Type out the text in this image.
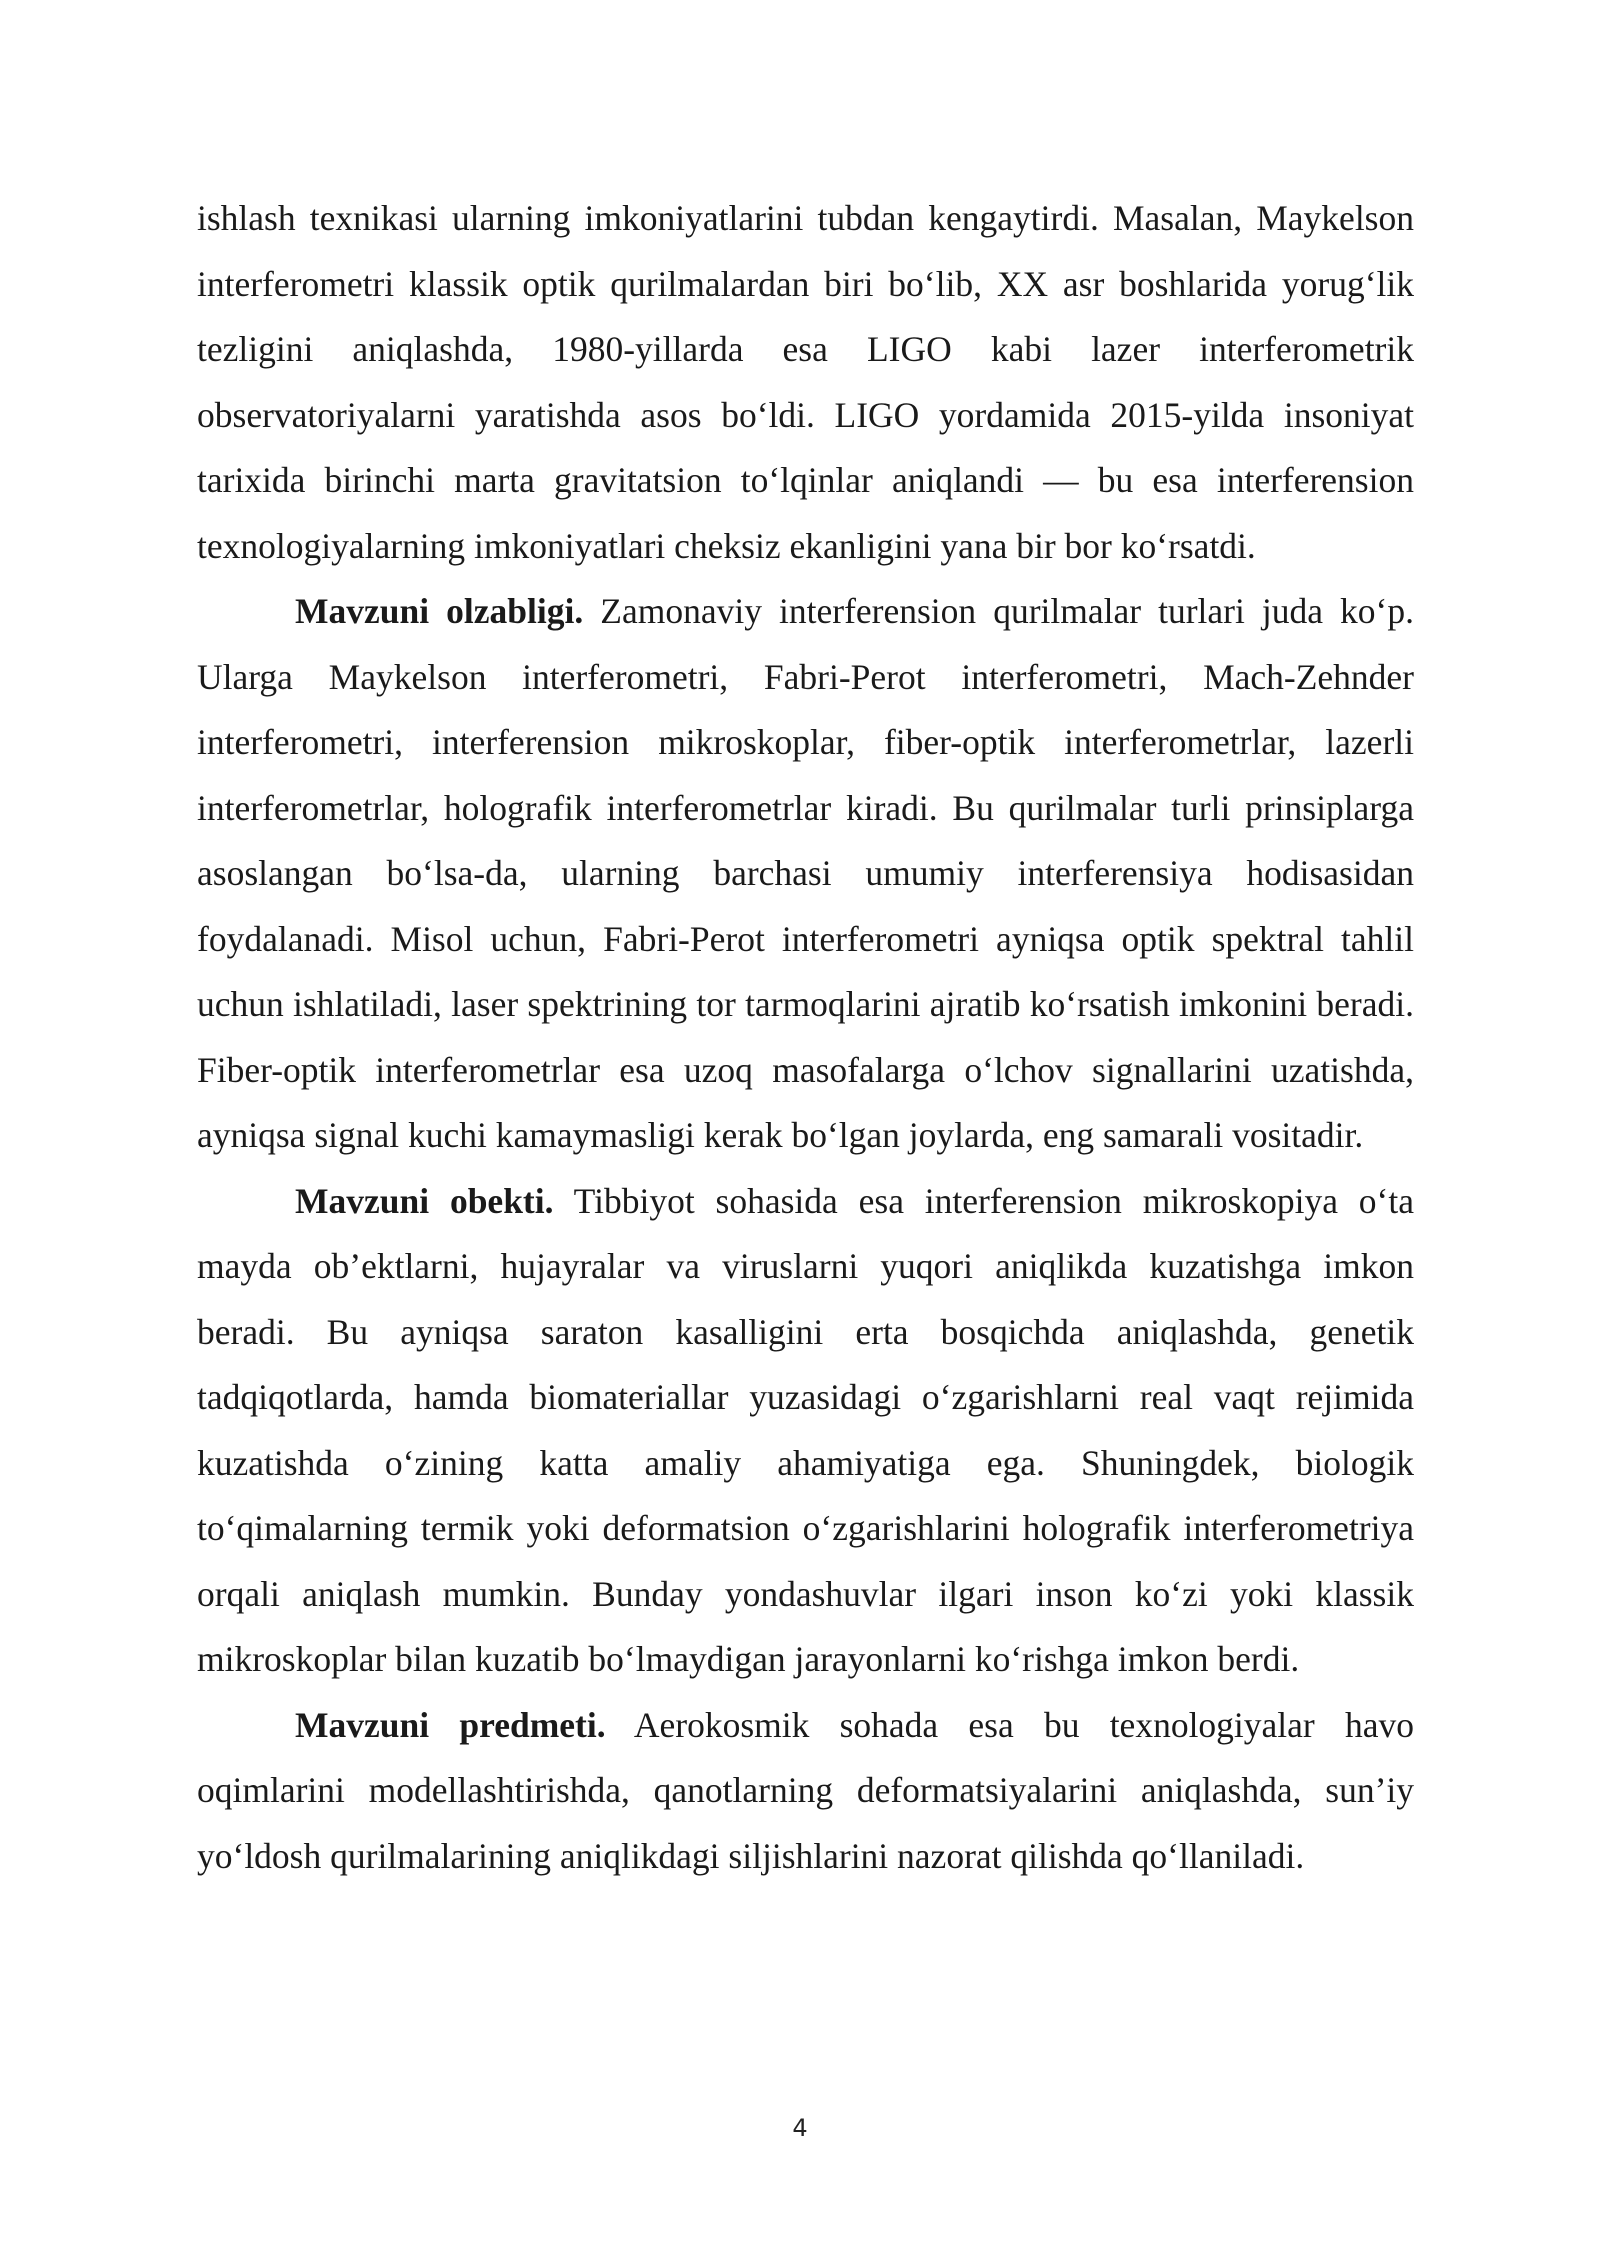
ishlash texnikasi ularning imkoniyatlarini tubdan kengaytirdi. Masalan, Maykelson interferometri klassik optik qurilmalardan biri bo‘lib, XX asr boshlarida yorug‘lik tezligini aniqlashda, 1980-yillarda esa LIGO kabi lazer interferometrik observatoriyalarni yaratishda asos bo‘ldi. LIGO yordamida 2015-yilda insoniyat tarixida birinchi marta gravitatsion to‘lqinlar aniqlandi — bu esa interferension texnologiyalarning imkoniyatlari cheksiz ekanligini yana bir bor ko‘rsatdi.

Mavzuni olzabligi. Zamonaviy interferension qurilmalar turlari juda ko‘p. Ularga Maykelson interferometri, Fabri-Perot interferometri, Mach-Zehnder interferometri, interferension mikroskoplar, fiber-optik interferometrlar, lazerli interferometrlar, holografik interferometrlar kiradi. Bu qurilmalar turli prinsiplarga asoslangan bo‘lsa-da, ularning barchasi umumiy interferensiya hodisasidan foydalanadi. Misol uchun, Fabri-Perot interferometri ayniqsa optik spektral tahlil uchun ishlatiladi, laser spektrining tor tarmoqlarini ajratib ko‘rsatish imkonini beradi. Fiber-optik interferometrlar esa uzoq masofalarga o‘lchov signallarini uzatishda, ayniqsa signal kuchi kamaymasligi kerak bo‘lgan joylarda, eng samarali vositadir.

Mavzuni obekti. Tibbiyot sohasida esa interferension mikroskopiya o‘ta mayda ob’ektlarni, hujayralar va viruslarni yuqori aniqlikda kuzatishga imkon beradi. Bu ayniqsa saraton kasalligini erta bosqichda aniqlashda, genetik tadqiqotlarda, hamda biomateriallar yuzasidagi o‘zgarishlarni real vaqt rejimida kuzatishda o‘zining katta amaliy ahamiyatiga ega. Shuningdek, biologik to‘qimalarning termik yoki deformatsion o‘zgarishlarini holografik interferometriya orqali aniqlash mumkin. Bunday yondashuvlar ilgari inson ko‘zi yoki klassik mikroskoplar bilan kuzatib bo‘lmaydigan jarayonlarni ko‘rishga imkon berdi.

Mavzuni predmeti. Aerokosmik sohada esa bu texnologiyalar havo oqimlarini modellashtirishda, qanotlarning deformatsiyalarini aniqlashda, sun’iy yo‘ldosh qurilmalarining aniqlikdagi siljishlarini nazorat qilishda qo‘llaniladi.

4
